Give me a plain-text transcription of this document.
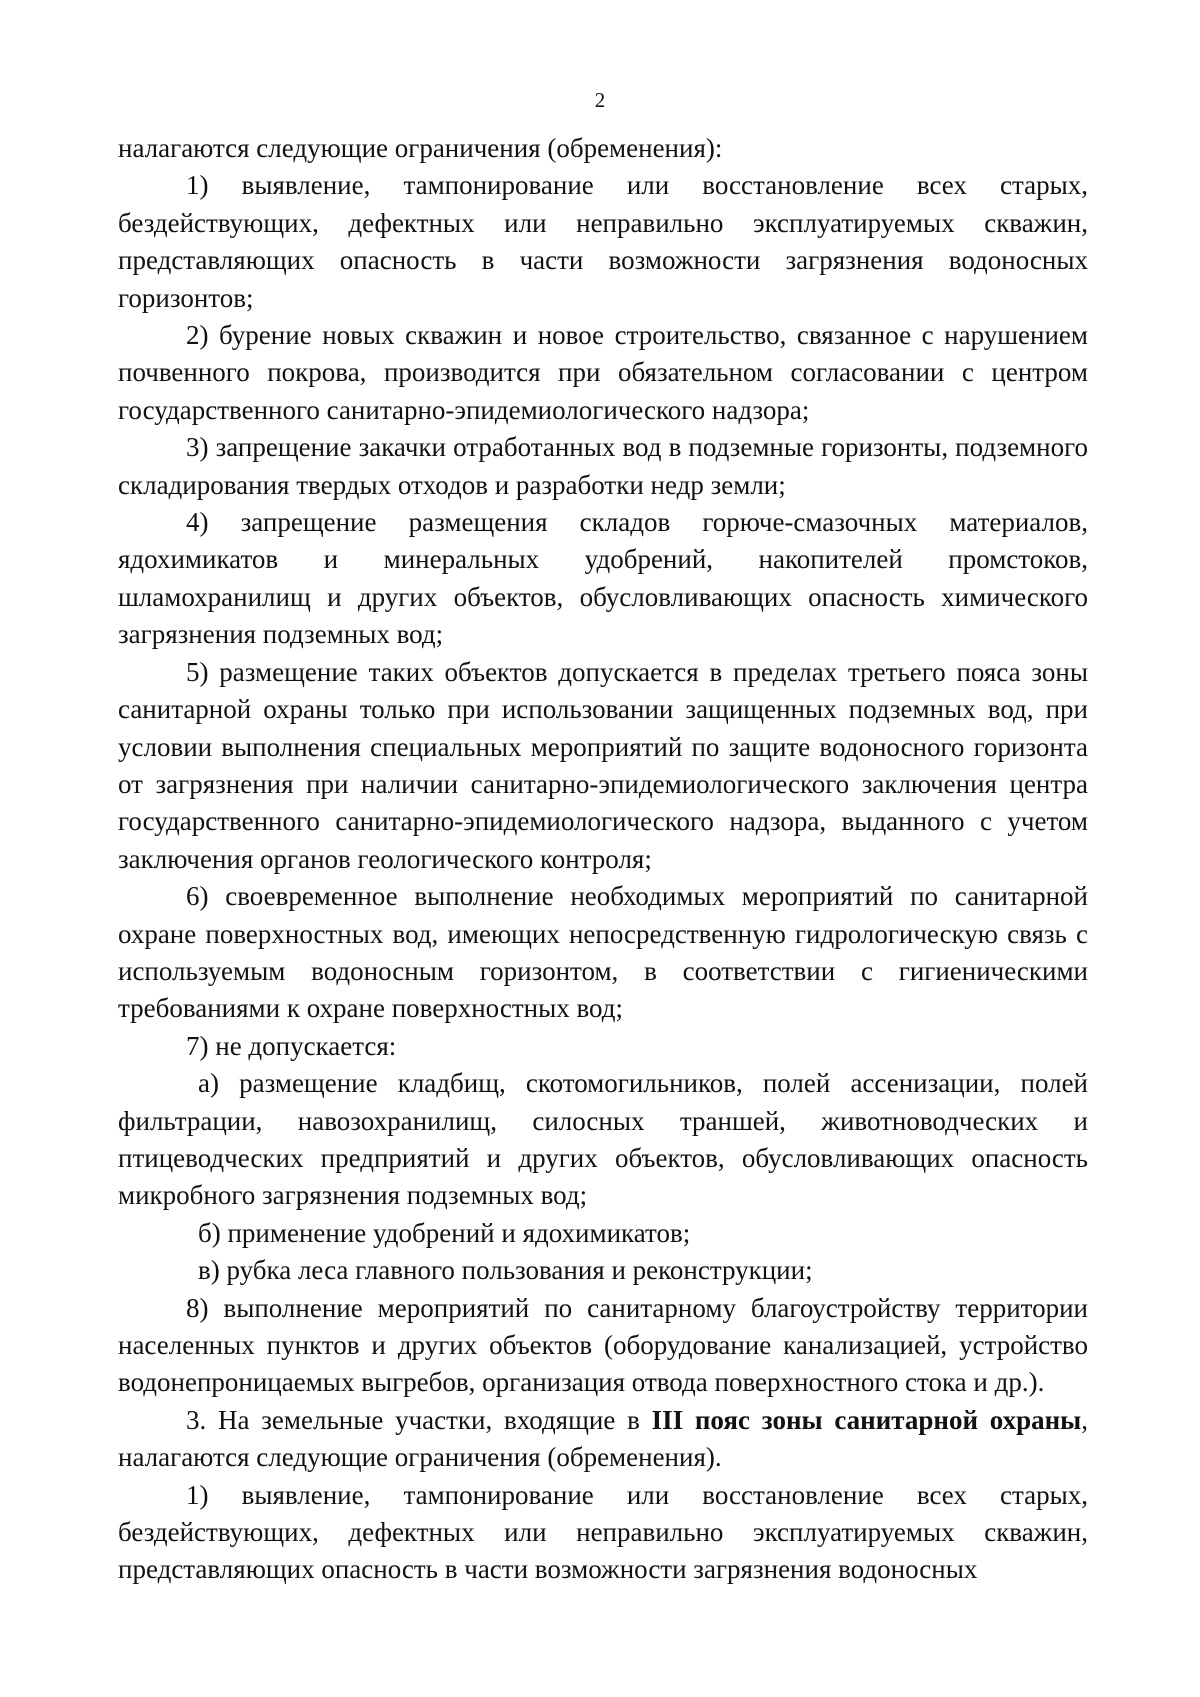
2

налагаются следующие ограничения (обременения):

1) выявление, тампонирование или восстановление всех старых, бездействующих, дефектных или неправильно эксплуатируемых скважин, представляющих опасность в части возможности загрязнения водоносных горизонтов;

2) бурение новых скважин и новое строительство, связанное с нарушением почвенного покрова, производится при обязательном согласовании с центром государственного санитарно-эпидемиологического надзора;

3) запрещение закачки отработанных вод в подземные горизонты, подземного складирования твердых отходов и разработки недр земли;

4) запрещение размещения складов горюче-смазочных материалов, ядохимикатов и минеральных удобрений, накопителей промстоков, шламохранилищ и других объектов, обусловливающих опасность химического загрязнения подземных вод;

5) размещение таких объектов допускается в пределах третьего пояса зоны санитарной охраны только при использовании защищенных подземных вод, при условии выполнения специальных мероприятий по защите водоносного горизонта от загрязнения при наличии санитарно-эпидемиологического заключения центра государственного санитарно-эпидемиологического надзора, выданного с учетом заключения органов геологического контроля;

6) своевременное выполнение необходимых мероприятий по санитарной охране поверхностных вод, имеющих непосредственную гидрологическую связь с используемым водоносным горизонтом, в соответствии с гигиеническими требованиями к охране поверхностных вод;

7) не допускается:

а) размещение кладбищ, скотомогильников, полей ассенизации, полей фильтрации, навозохранилищ, силосных траншей, животноводческих и птицеводческих предприятий и других объектов, обусловливающих опасность микробного загрязнения подземных вод;

б) применение удобрений и ядохимикатов;

в) рубка леса главного пользования и реконструкции;

8) выполнение мероприятий по санитарному благоустройству территории населенных пунктов и других объектов (оборудование канализацией, устройство водонепроницаемых выгребов, организация отвода поверхностного стока и др.).

3. На земельные участки, входящие в III пояс зоны санитарной охраны, налагаются следующие ограничения (обременения).

1) выявление, тампонирование или восстановление всех старых, бездействующих, дефектных или неправильно эксплуатируемых скважин, представляющих опасность в части возможности загрязнения водоносных
